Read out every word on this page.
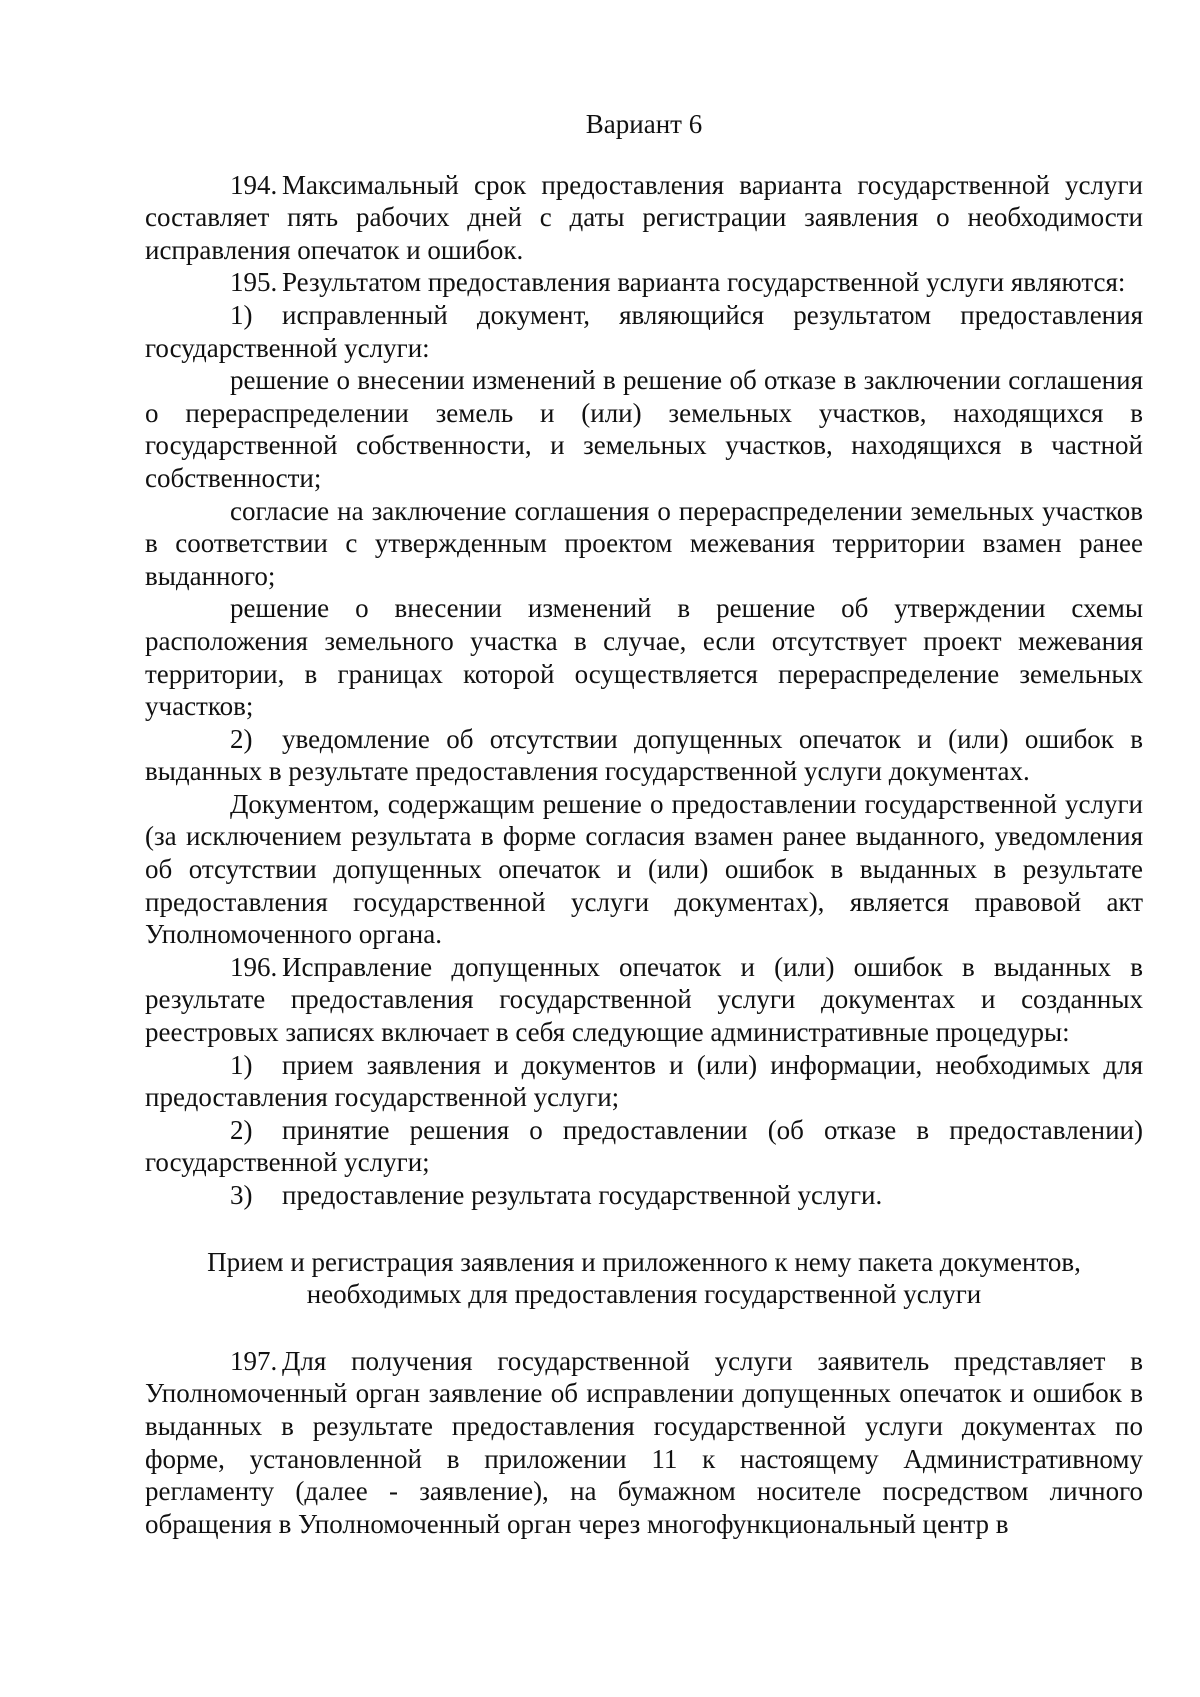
Вариант 6

194. Максимальный срок предоставления варианта государственной услуги составляет пять рабочих дней с даты регистрации заявления о необходимости исправления опечаток и ошибок.

195. Результатом предоставления варианта государственной услуги являются:

1) исправленный документ, являющийся результатом предоставления государственной услуги:

решение о внесении изменений в решение об отказе в заключении соглашения о перераспределении земель и (или) земельных участков, находящихся в государственной собственности, и земельных участков, находящихся в частной собственности;

согласие на заключение соглашения о перераспределении земельных участков в соответствии с утвержденным проектом межевания территории взамен ранее выданного;

решение о внесении изменений в решение об утверждении схемы расположения земельного участка в случае, если отсутствует проект межевания территории, в границах которой осуществляется перераспределение земельных участков;

2) уведомление об отсутствии допущенных опечаток и (или) ошибок в выданных в результате предоставления государственной услуги документах.

Документом, содержащим решение о предоставлении государственной услуги (за исключением результата в форме согласия взамен ранее выданного, уведомления об отсутствии допущенных опечаток и (или) ошибок в выданных в результате предоставления государственной услуги документах), является правовой акт Уполномоченного органа.

196. Исправление допущенных опечаток и (или) ошибок в выданных в результате предоставления государственной услуги документах и созданных реестровых записях включает в себя следующие административные процедуры:

1) прием заявления и документов и (или) информации, необходимых для предоставления государственной услуги;

2) принятие решения о предоставлении (об отказе в предоставлении) государственной услуги;

3) предоставление результата государственной услуги.

Прием и регистрация заявления и приложенного к нему пакета документов,
необходимых для предоставления государственной услуги

197. Для получения государственной услуги заявитель представляет в Уполномоченный орган заявление об исправлении допущенных опечаток и ошибок в выданных в результате предоставления государственной услуги документах по форме, установленной в приложении 11 к настоящему Административному регламенту (далее - заявление), на бумажном носителе посредством личного обращения в Уполномоченный орган через многофункциональный центр в
